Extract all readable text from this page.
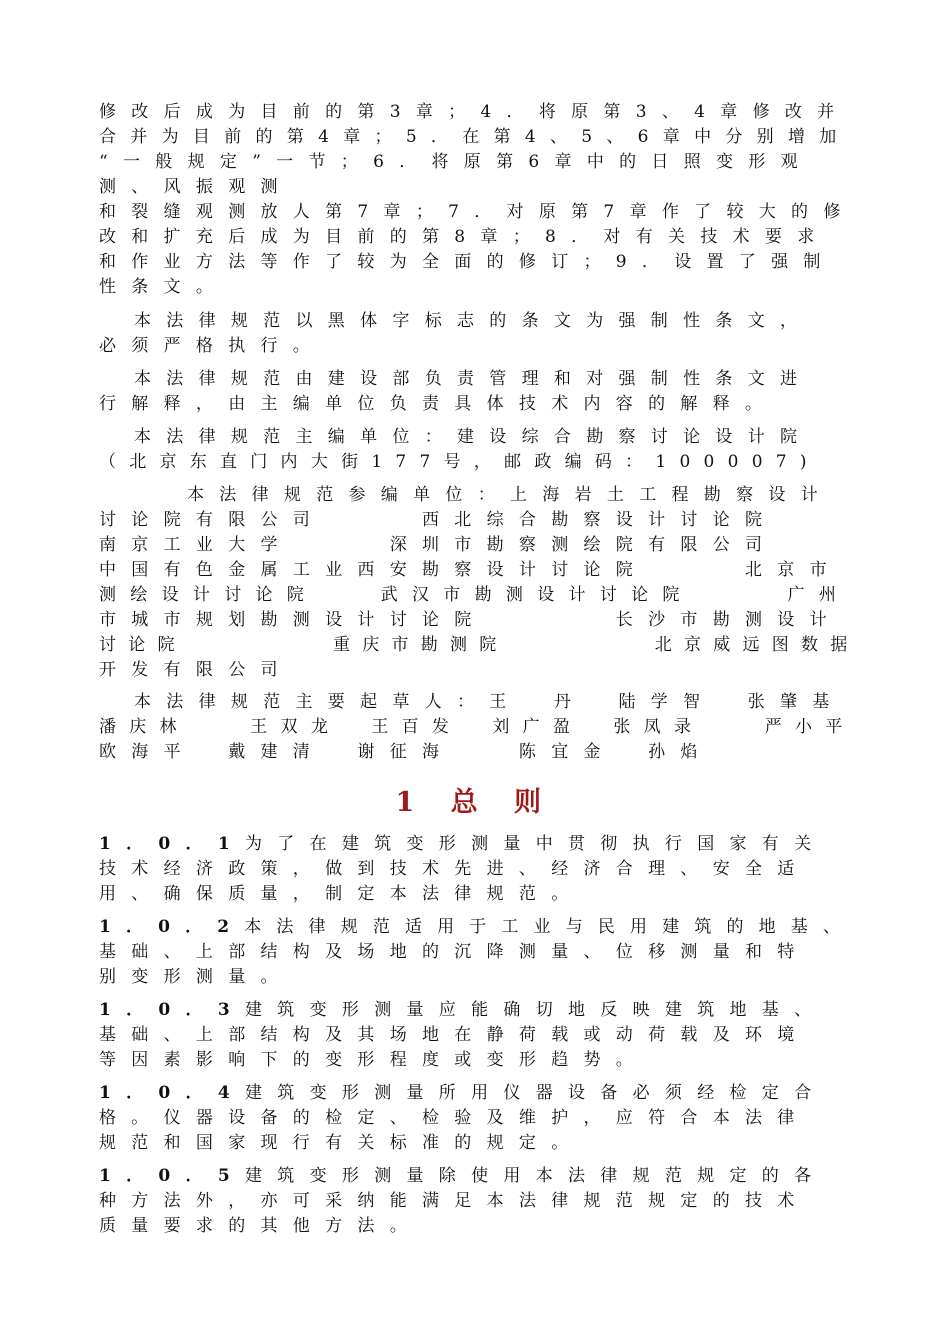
修改后成为目前的第3章；4．将原第3、4章修改并
合并为目前的第4章；5．在第4、5、6章中分别增加
“一般规定”一节；6．将原第6章中的日照变形观
测、风振观测
和裂缝观测放人第7章；7．对原第7章作了较大的修
改和扩充后成为目前的第8章；8．对有关技术要求
和作业方法等作了较为全面的修订；9．设置了强制
性条文。
本法律规范以黑体字标志的条文为强制性条文，
必须严格执行。
本法律规范由建设部负责管理和对强制性条文进
行解释，由主编单位负责具体技术内容的解释。
本法律规范主编单位：建设综合勘察讨论设计院
（北京东直门内大街177号，邮政编码：100007)
本法律规范参编单位：上海岩土工程勘察设计
讨论院有限公司　　　西北综合勘察设计讨论院
南京工业大学　　　深圳市勘察测绘院有限公司
中国有色金属工业西安勘察设计讨论院　　　北京市
测绘设计讨论院　　武汉市勘测设计讨论院　　　广州
市城市规划勘测设计讨论院　　　　长沙市勘测设计
讨论院　　　　　重庆市勘测院　　　　　北京威远图数据
开发有限公司
本法律规范主要起草人：王　丹　陆学智　张肇基
潘庆林　　王双龙　王百发　刘广盈　张凤录　　严小平
欧海平　戴建清　谢征海　　陈宜金　孙焰
1 总 则
1．0．1为了在建筑变形测量中贯彻执行国家有关
技术经济政策，做到技术先进、经济合理、安全适
用、确保质量，制定本法律规范。
1．0．2本法律规范适用于工业与民用建筑的地基、
基础、上部结构及场地的沉降测量、位移测量和特
别变形测量。
1．0．3建筑变形测量应能确切地反映建筑地基、
基础、上部结构及其场地在静荷载或动荷载及环境
等因素影响下的变形程度或变形趋势。
1．0．4建筑变形测量所用仪器设备必须经检定合
格。仪器设备的检定、检验及维护，应符合本法律
规范和国家现行有关标准的规定。
1．0．5建筑变形测量除使用本法律规范规定的各
种方法外，亦可采纳能满足本法律规范规定的技术
质量要求的其他方法。
